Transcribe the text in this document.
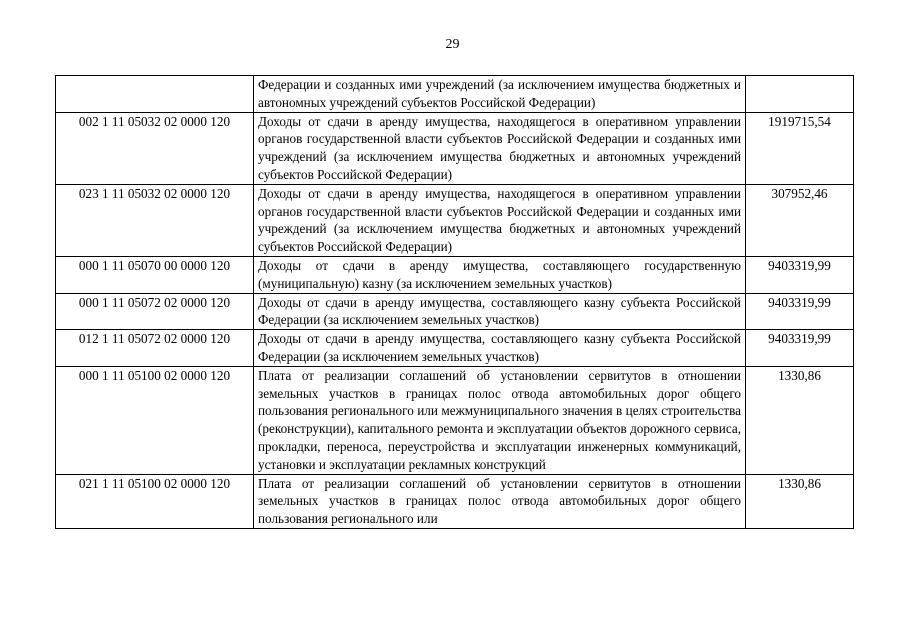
29
	Федерации и созданных ими учреждений (за исключением имущества бюджетных и автономных учреждений субъектов Российской Федерации)	
002 1 11 05032 02 0000 120	Доходы от сдачи в аренду имущества, находящегося в оперативном управлении органов государственной власти субъектов Российской Федерации и созданных ими учреждений (за исключением имущества бюджетных и автономных учреждений субъектов Российской Федерации)	1919715,54
023 1 11 05032 02 0000 120	Доходы от сдачи в аренду имущества, находящегося в оперативном управлении органов государственной власти субъектов Российской Федерации и созданных ими учреждений (за исключением имущества бюджетных и автономных учреждений субъектов Российской Федерации)	307952,46
000 1 11 05070 00 0000 120	Доходы от сдачи в аренду имущества, составляющего государственную (муниципальную) казну (за исключением земельных участков)	9403319,99
000 1 11 05072 02 0000 120	Доходы от сдачи в аренду имущества, составляющего казну субъекта Российской Федерации (за исключением земельных участков)	9403319,99
012 1 11 05072 02 0000 120	Доходы от сдачи в аренду имущества, составляющего казну субъекта Российской Федерации (за исключением земельных участков)	9403319,99
000 1 11 05100 02 0000 120	Плата от реализации соглашений об установлении сервитутов в отношении земельных участков в границах полос отвода автомобильных дорог общего пользования регионального или межмуниципального значения в целях строительства (реконструкции), капитального ремонта и эксплуатации объектов дорожного сервиса, прокладки, переноса, переустройства и эксплуатации инженерных коммуникаций, установки и эксплуатации рекламных конструкций	1330,86
021 1 11 05100 02 0000 120	Плата от реализации соглашений об установлении сервитутов в отношении земельных участков в границах полос отвода автомобильных дорог общего пользования регионального или	1330,86
